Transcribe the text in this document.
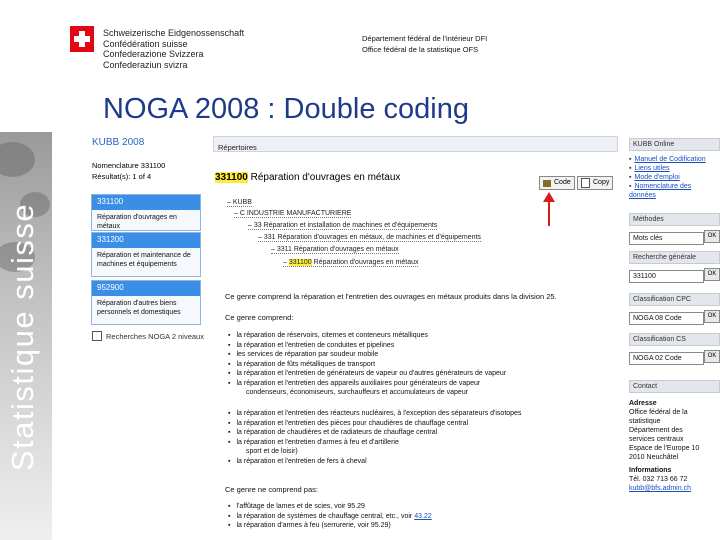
Schweizerische Eidgenossenschaft
Confédération suisse
Confederazione Svizzera
Confederaziun svizra
Département fédéral de l'intérieur DFI
Office fédéral de la statistique OFS
NOGA 2008 : Double coding
Statistique suisse
KUBB 2008
Nomenclature 331100
Résultat(s): 1 of 4
331100
Réparation d'ouvrages en métaux
331200
Réparation et maintenance de machines et équipements
952900
Réparation d'autres biens personnels et domestiques
Recherches NOGA 2 niveaux
Répertoires
331100 Réparation d'ouvrages en métaux	Code	Copy
– KUBB
– C INDUSTRIE MANUFACTURIERE
– 33 Réparation et installation de machines et d'équipements
– 331 Réparation d'ouvrages en métaux, de machines et d'équipements
– 3311 Réparation d'ouvrages en métaux
– 331100 Réparation d'ouvrages en métaux
Ce genre comprend la réparation et l'entretien des ouvrages en métaux produits dans la division 25.
Ce genre comprend:
▪ la réparation de réservoirs, citernes et conteneurs métalliques
▪ la réparation et l'entretien de conduites et pipelines
▪ les services de réparation par soudeur mobile
▪ la réparation de fûts métalliques de transport
▪ la réparation et l'entretien de générateurs de vapeur ou d'autres générateurs de vapeur
▪ la réparation et l'entretien des appareils auxiliaires pour générateurs de vapeur
condenseurs, économiseurs, surchauffeurs et accumulateurs de vapeur
▪ la réparation et l'entretien des réacteurs nucléaires, à l'exception des séparateurs d'isotopes
▪ la réparation et l'entretien des pièces pour chaudières de chauffage central
▪ la réparation de chaudières et de radiateurs de chauffage central
▪ la réparation et l'entretien d'armes à feu et d'artillerie
sport et de loisir)
▪ la réparation et l'entretien de fers à cheval
Ce genre ne comprend pas:
▪ l'affûtage de lames et de scies, voir 95.29
▪ la réparation de systèmes de chauffage central, etc., voir 43.22
▪ la réparation d'armes à feu (serrurerie, voir 95.29)
KUBB Online
▪ Manuel de Codification
▪ Liens utiles
▪ Mode d'emploi
▪ Nomenclature des données
Méthodes
Mots clés	OK
Recherche générale
331100	OK
Classification CPC
NOGA 08 Code	OK
Classification CS
NOGA 02 Code	OK
Contact
Adresse
Office fédéral de la statistique
Département des
services centraux
Espace de l'Europe 10
2010 Neuchâtel
Informations
Tél. 032 713 66 72
kubb@bfs.admin.ch
